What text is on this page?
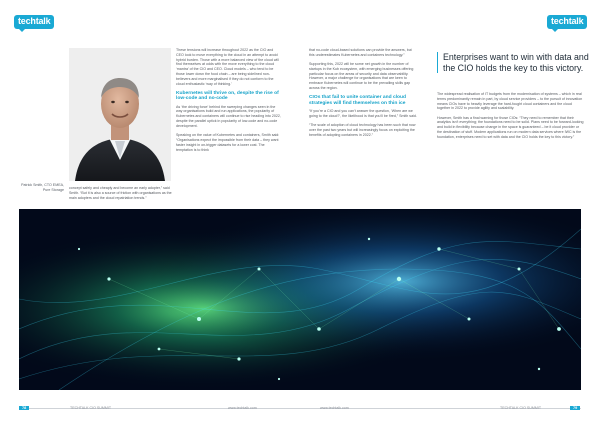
techtalk	techtalk
Patrick Smith, CTO EMEA, Pure Storage concept safely and cheaply and become an early adopter,” said Smith. “But it is also a source of friction with organisations as the main adopters and the cloud repatriation trends.”

These tensions will increase throughout 2022 as the CIO and CEO look to move everything to the cloud in an attempt to avoid hybrid burden. Those with a more balanced view of the cloud will find themselves at odds with the move everything to the cloud ‘mantra’ of the CIO and CEO. Cloud models – who tend to be those lower down the food chain – are being sidelined non-believers and more marginalised if they do not conform to the cloud enthusiastic ‘way of thinking.’

Kubernetes will thrive on, despite the rise of low-code and no-code

As ‘the driving force’ behind the sweeping changes seen in the way organisations build and run applications, the popularity of Kubernetes and containers will continue to rise heading into 2022, despite the parallel uptick in popularity of low-code and no-code development.

Speaking on the value of Kubernetes and containers, Smith said: “Organisations expect the impossible from their data – they want faster insight in on-trigger datasets for a lower cost. The temptation is to think

that no-code cloud-based solutions can provide the answers, but this underestimates Kubernetes and containers technology.”

Supporting this, 2022 will be some net growth in the number of startups in the Kub ecosystem, with emerging businesses offering particular focus on the areas of security and data observability. However, a major challenge for organisations that are keen to embrace Kubernetes will continue to be the prevailing skills gap across the region.

CIOs that fail to unite container and cloud strategies will find themselves on thin ice

“If you’re a CIO and you can’t answer the question, ‘When are we going to the cloud?’, the likelihood is that you’ll be fired,” Smith said.

“The scale of adoption of cloud technology has been such that now over the past two years but will increasingly focus on exploiting the benefits of adopting containers in 2022.”

Enterprises want to win with data and the CIO holds the key to this victory.

The widespread realisation of IT budgets from the modernisation of systems – which in real terms predominantly remain in part, by cloud service providers – to the pursuit of innovation means CIOs have to heavily leverage the hard-fought cloud containers and the cloud together in 2022 to provide agility and scalability.

However, Smith has a final warning for those CIOs: “They need to remember that their analytics isn’t everything; the foundations need to be solid. Plans need to be forward-looking and build in flexibility because change in the space is guaranteed – be it cloud provider or the destination of stuff. Modern applications run on modern data services where IWC is the foundation, enterprises need to set with data and the CIO holds the key to this victory.”

78	TECHTALK CIO SUMMIT	www.techtalk.com	www.techtalk.com	TECHTALK CIO SUMMIT	79
